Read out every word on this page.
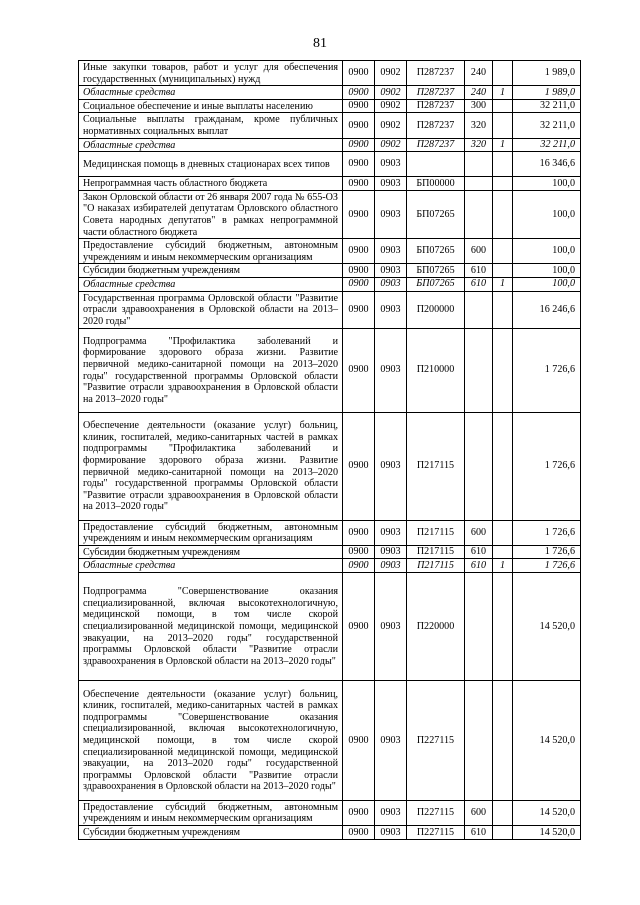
81
Иные закупки товаров, работ и услуг для обеспечения государственных (муниципальных) нужд	0900	0902	П287237	240		1 989,0
Областные средства	0900	0902	П287237	240	1	1 989,0
Социальное обеспечение и иные выплаты населению	0900	0902	П287237	300		32 211,0
Социальные выплаты гражданам, кроме публичных нормативных социальных выплат	0900	0902	П287237	320		32 211,0
Областные средства	0900	0902	П287237	320	1	32 211,0
Медицинская помощь в дневных стационарах всех типов	0900	0903				16 346,6
Непрограммная часть областного бюджета	0900	0903	БП00000			100,0
Закон Орловской области от 26 января 2007 года № 655-ОЗ "О наказах избирателей депутатам Орловского областного Совета народных депутатов" в рамках непрограммной части областного бюджета	0900	0903	БП07265			100,0
Предоставление субсидий бюджетным, автономным учреждениям и иным некоммерческим организациям	0900	0903	БП07265	600		100,0
Субсидии бюджетным учреждениям	0900	0903	БП07265	610		100,0
Областные средства	0900	0903	БП07265	610	1	100,0
Государственная программа Орловской области "Развитие отрасли здравоохранения в Орловской области на 2013–2020 годы"	0900	0903	П200000			16 246,6
Подпрограмма "Профилактика заболеваний и формирование здорового образа жизни. Развитие первичной медико-санитарной помощи на 2013–2020 годы" государственной программы Орловской области "Развитие отрасли здравоохранения в Орловской области на 2013–2020 годы"	0900	0903	П210000			1 726,6
Обеспечение деятельности (оказание услуг) больниц, клиник, госпиталей, медико-санитарных частей в рамках подпрограммы "Профилактика заболеваний и формирование здорового образа жизни. Развитие первичной медико-санитарной помощи на 2013–2020 годы" государственной программы Орловской области "Развитие отрасли здравоохранения в Орловской области на 2013–2020 годы"	0900	0903	П217115			1 726,6
Предоставление субсидий бюджетным, автономным учреждениям и иным некоммерческим организациям	0900	0903	П217115	600		1 726,6
Субсидии бюджетным учреждениям	0900	0903	П217115	610		1 726,6
Областные средства	0900	0903	П217115	610	1	1 726,6
Подпрограмма "Совершенствование оказания специализированной, включая высокотехнологичную, медицинской помощи, в том числе скорой специализированной медицинской помощи, медицинской эвакуации, на 2013–2020 годы" государственной программы Орловской области "Развитие отрасли здравоохранения в Орловской области на 2013–2020 годы"	0900	0903	П220000			14 520,0
Обеспечение деятельности (оказание услуг) больниц, клиник, госпиталей, медико-санитарных частей в рамках подпрограммы "Совершенствование оказания специализированной, включая высокотехнологичную, медицинской помощи, в том числе скорой специализированной медицинской помощи, медицинской эвакуации, на 2013–2020 годы" государственной программы Орловской области "Развитие отрасли здравоохранения в Орловской области на 2013–2020 годы"	0900	0903	П227115			14 520,0
Предоставление субсидий бюджетным, автономным учреждениям и иным некоммерческим организациям	0900	0903	П227115	600		14 520,0
Субсидии бюджетным учреждениям	0900	0903	П227115	610		14 520,0
